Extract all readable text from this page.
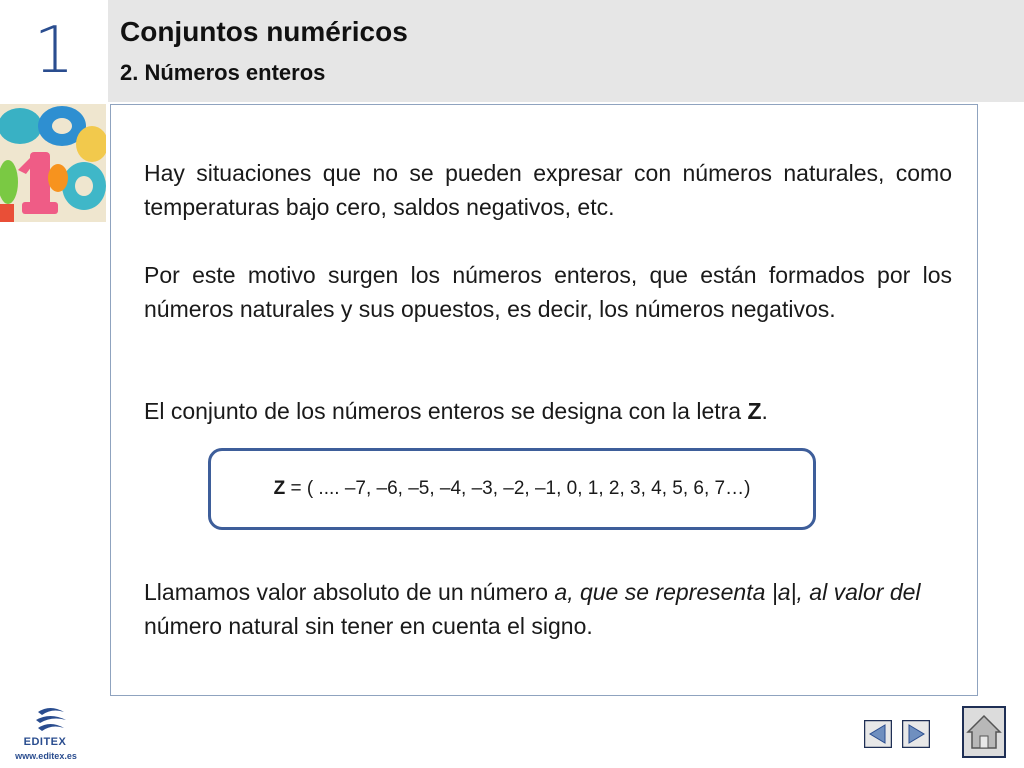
1	Conjuntos numéricos
2. Números enteros

Hay situaciones que no se pueden expresar con números naturales, como temperaturas bajo cero, saldos negativos, etc.

Por este motivo surgen los números enteros, que están formados por los números naturales y sus opuestos, es decir, los números negativos.

El conjunto de los números enteros se designa con la letra Z.

Z = ( .... –7, –6, –5, –4, –3, –2, –1, 0, 1, 2, 3, 4, 5, 6, 7…)

Llamamos valor absoluto de un número a, que se representa |a|, al valor del número natural sin tener en cuenta el signo.

EDITEX
www.editex.es
